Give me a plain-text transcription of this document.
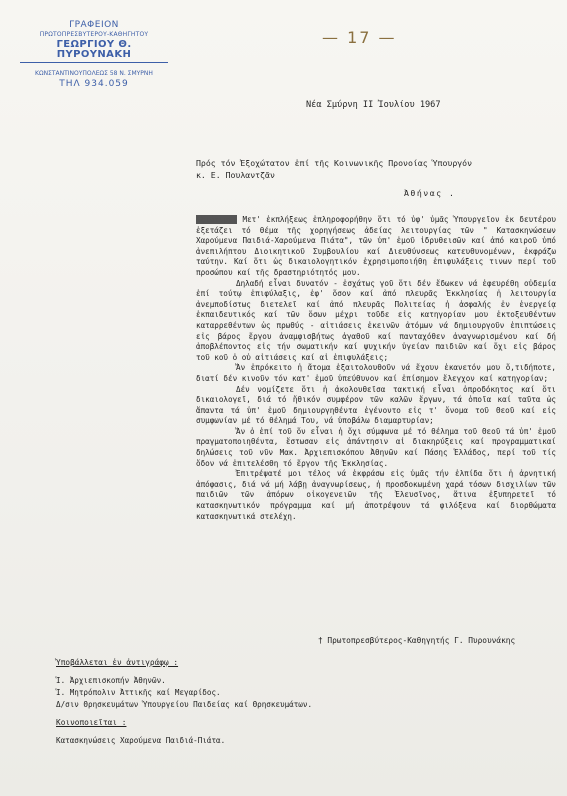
ΓΡΑΦΕΙΟΝ
ΠΡΩΤΟΠΡΕΣΒΥΤΕΡΟΥ-ΚΑΘΗΓΗΤΟΥ
ΓΕΩΡΓΙΟΥ Θ. ΠΥΡΟΥΝΑΚΗ
ΚΩΝΣΤΑΝΤΙΝΟΥΠΟΛΕΩΣ 58 Ν. ΣΜΥΡΝΗ
ΤΗΛ 934.059
— 17 —
Νέα Σμύρνη ΙΙ Ἰουλίου 1967
Πρός τόν Ἐξοχώτατον ἐπί τῆς Κοινωνικῆς Προνοίας Ὑπουργόν
κ. Ε. Πουλαντζᾶν
Ἀθήνας .

Ἀξιότιμε, Μετ' ἐκπλήξεως ἐπληροφορήθην ὅτι τό ὑφ' ὑμᾶς Ὑπουργεῖον ἐκ δευτέρου ἐξετάζει τό θέμα τῆς χορηγήσεως ἀδείας λειτουργίας τῶν " Κατασκηνώσεων Χαρούμενα Παιδιά-Χαρούμενα Πιάτα", τῶν ὑπ' ἐμοῦ ἱδρυθεισῶν καί ἀπό καιροῦ ὑπό ἀνεπιλήπτου Διοικητικοῦ Συμβουλίου καί Διευθύνσεως κατευθυνομένων, ἐκφράζω ταύτην. Καί ὅτι ὡς δικαιολογητικόν ἐχρησιμοποιήθη ἐπιφυλάξεις τινων περί τοῦ προσώπου καί τῆς δραστηριότητός μου.

Δηλαδή εἶναι δυνατόν - ἐσχάτως γοῦ ὅτι δέν ἔδωκεν νά ἐφευρέθη οὐδεμία ἐπί τούτῳ ἐπιφύλαξις, ἐφ' ὅσον καί ἀπό πλευρᾶς Ἐκκλησίας ἡ λειτουργία ἀνεμποδίστως διετελεῖ καί ἀπό πλευρᾶς Πολιτείας ἡ ἀσφαλής ἐν ἐνεργείᾳ ἐκπαιδευτικός καί τῶν ὅσων μέχρι τοῦδε εἰς κατηγορίαν μου ἐκτοξευθέντων καταρρεθέντων ὡς πρωθύς - αἰτιάσεις ἐκεινῶν ἀτόμων νά δημιουργοῦν ἐπιπτώσεις εἰς βάρος ἔργου ἀναμφισβήτως ἀγαθοῦ καί πανταχόθεν ἀναγνωρισμένου καί δή ἀποβλέποντος εἰς τήν σωματικήν καί ψυχικήν ὑγείαν παιδιῶν καί ὄχι εἰς βάρος τοῦ κοῦ ὁ οὐ αἰτιάσεις καί αἱ ἐπιφυλάξεις;

Ἄν ἐπρόκειτο ἡ ἄτομα ἐξαιτολουθοῦν νά ἔχουν ἐκανετόν μου ὅ,τιδήποτε, διατί δέν κινοῦν τόν κατ' ἐμοῦ ὑπεύθυνον καί ἐπίσημον ἔλεγχον καί κατηγορίαν;

Δέν νομίζετε ὅτι ἡ ἀκολουθεῖσα τακτική εἶναι ὀπροδόκητος καί ὅτι δικαιολογεῖ, διά τό ἤθικόν συμφέρον τῶν καλῶν ἔργων, τά ὁποῖα καί ταῦτα ὡς ἅπαντα τά ὑπ' ἐμοῦ δημιουργηθέντα ἐγένοντο εἰς τ' ὄνομα τοῦ Θεοῦ καί εἰς συμφωνίαν μέ τό θέλημά Του, νά ὑποβάλω διαμαρτυρίαν;

Ἄν ὁ ἐπί τοῦ ὅν εἶναι ἡ ὄχι σύμφωνα μέ τό θέλημα τοῦ Θεοῦ τά ὑπ' ἐμοῦ πραγματοποιηθέντα, ἔστωσαν εἰς ἀπάντησιν αἱ διακηρύξεις καί προγραμματικαί δηλώσεις τοῦ νῦν Μακ. Ἀρχιεπισκόπου Ἀθηνῶν καί Πάσης Ἑλλάδος, περί τοῦ τίς ὅδον νά ἐπιτελέσθη τό ἔργον τῆς Ἐκκλησίας.

Ἐπιτρέψατέ μοι τέλος νά ἐκφράσω εἰς ὑμᾶς τήν ἐλπίδα ὅτι ἡ ἀρνητική ἀπόφασις, διά νά μή λάβῃ ἀναγνωρίσεως, ἡ προσδοκωμένη χαρά τόσων δισχιλίων τῶν παιδιῶν τῶν ἀπόρων οἰκογενειῶν τῆς Ἐλευσῖνος, ἅτινα ἐξυπηρετεῖ τό κατασκηνωτικόν πρόγραμμα καί μή ἀποτρέψουν τά φιλόξενα καί διορθώματα κατασκηνωτικά στελέχη.

† Πρωτοπρεσβύτερος-Καθηγητής Γ. Πυρουνάκης
Ὑποβάλλεται ἐν ἀντιγράφῳ :
Ἱ. Ἀρχιεπισκοπήν Ἀθηνῶν.
Ἱ. Μητρόπολιν Ἀττικῆς καί Μεγαρίδος.
Δ/σιν Θρησκευμάτων Ὑπουργείου Παιδείας καί Θρησκευμάτων.
Κοινοποιεῖται :
Κατασκηνώσεις Χαρούμενα Παιδιά-Πιάτα.
